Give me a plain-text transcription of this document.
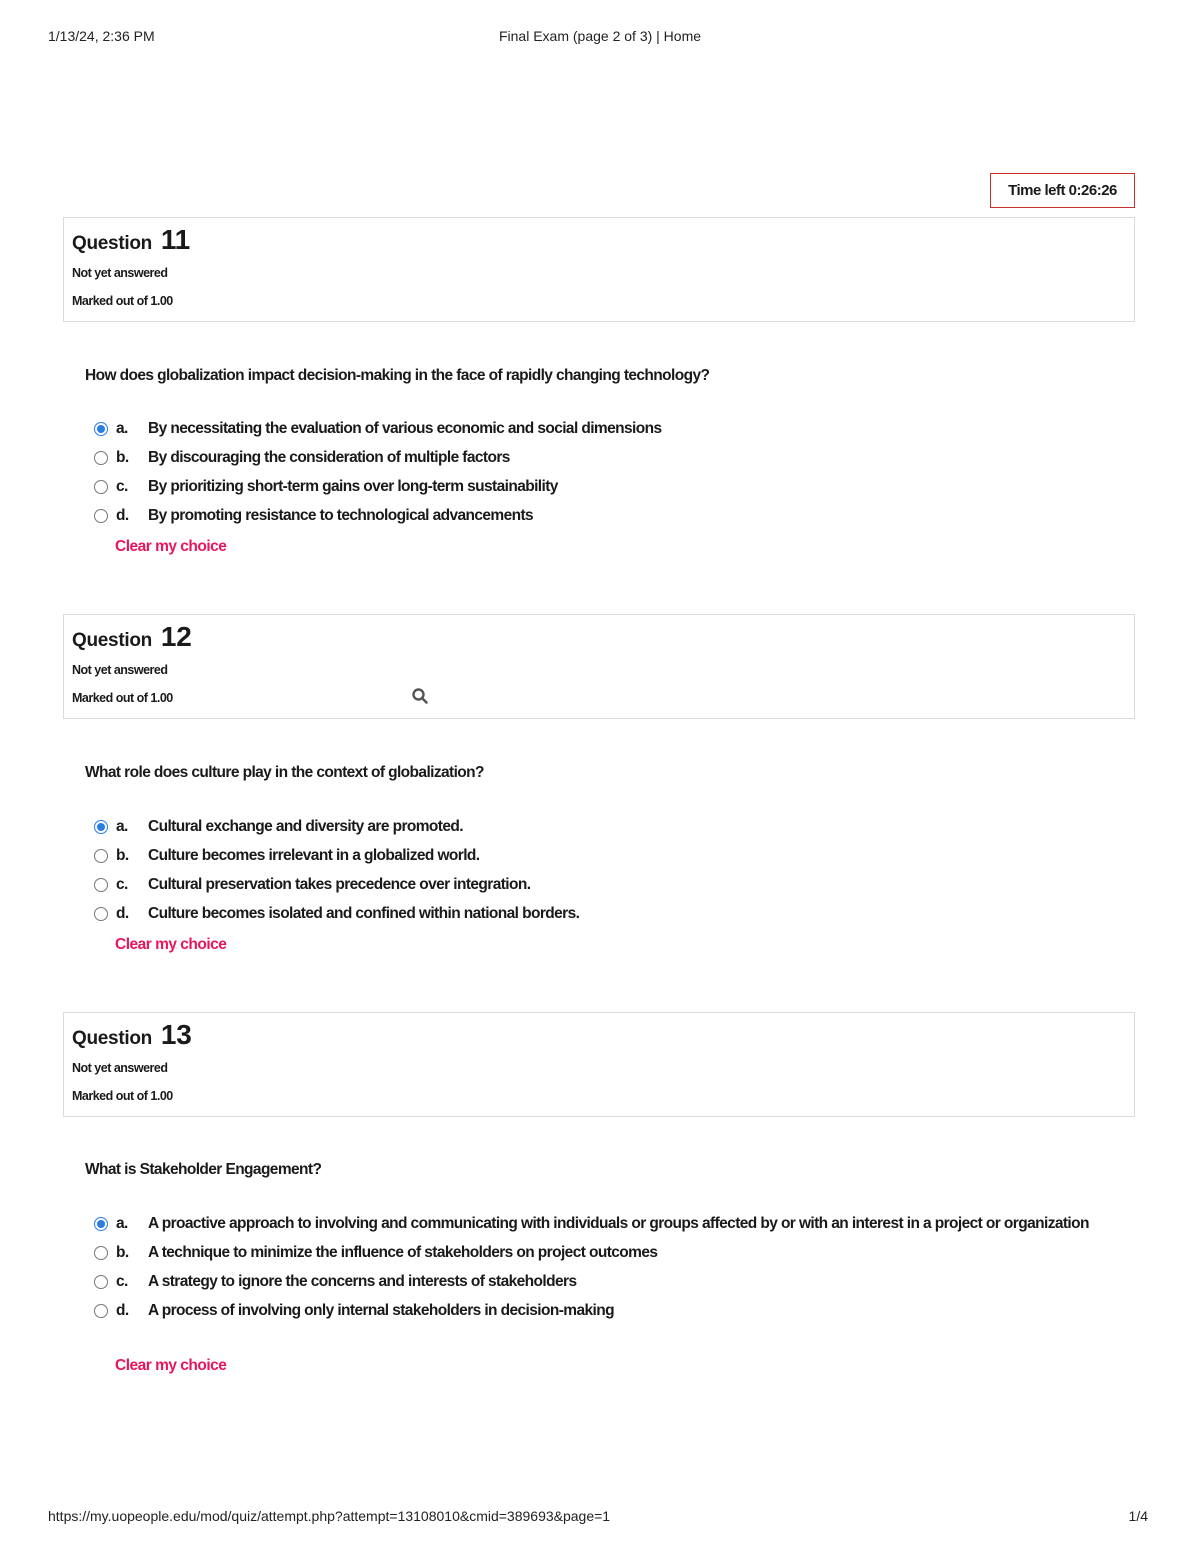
1/13/24, 2:36 PM	Final Exam (page 2 of 3) | Home
Time left 0:26:26
Question 11
Not yet answered
Marked out of 1.00
How does globalization impact decision-making in the face of rapidly changing technology?
a.	By necessitating the evaluation of various economic and social dimensions
b.	By discouraging the consideration of multiple factors
c.	By prioritizing short-term gains over long-term sustainability
d.	By promoting resistance to technological advancements
Clear my choice
Question 12
Not yet answered
Marked out of 1.00
What role does culture play in the context of globalization?
a.	Cultural exchange and diversity are promoted.
b.	Culture becomes irrelevant in a globalized world.
c.	Cultural preservation takes precedence over integration.
d.	Culture becomes isolated and confined within national borders.
Clear my choice
Question 13
Not yet answered
Marked out of 1.00
What is Stakeholder Engagement?
a.	A proactive approach to involving and communicating with individuals or groups affected by or with an interest in a project or organization
b.	A technique to minimize the influence of stakeholders on project outcomes
c.	A strategy to ignore the concerns and interests of stakeholders
d.	A process of involving only internal stakeholders in decision-making
Clear my choice
https://my.uopeople.edu/mod/quiz/attempt.php?attempt=13108010&cmid=389693&page=1	1/4
